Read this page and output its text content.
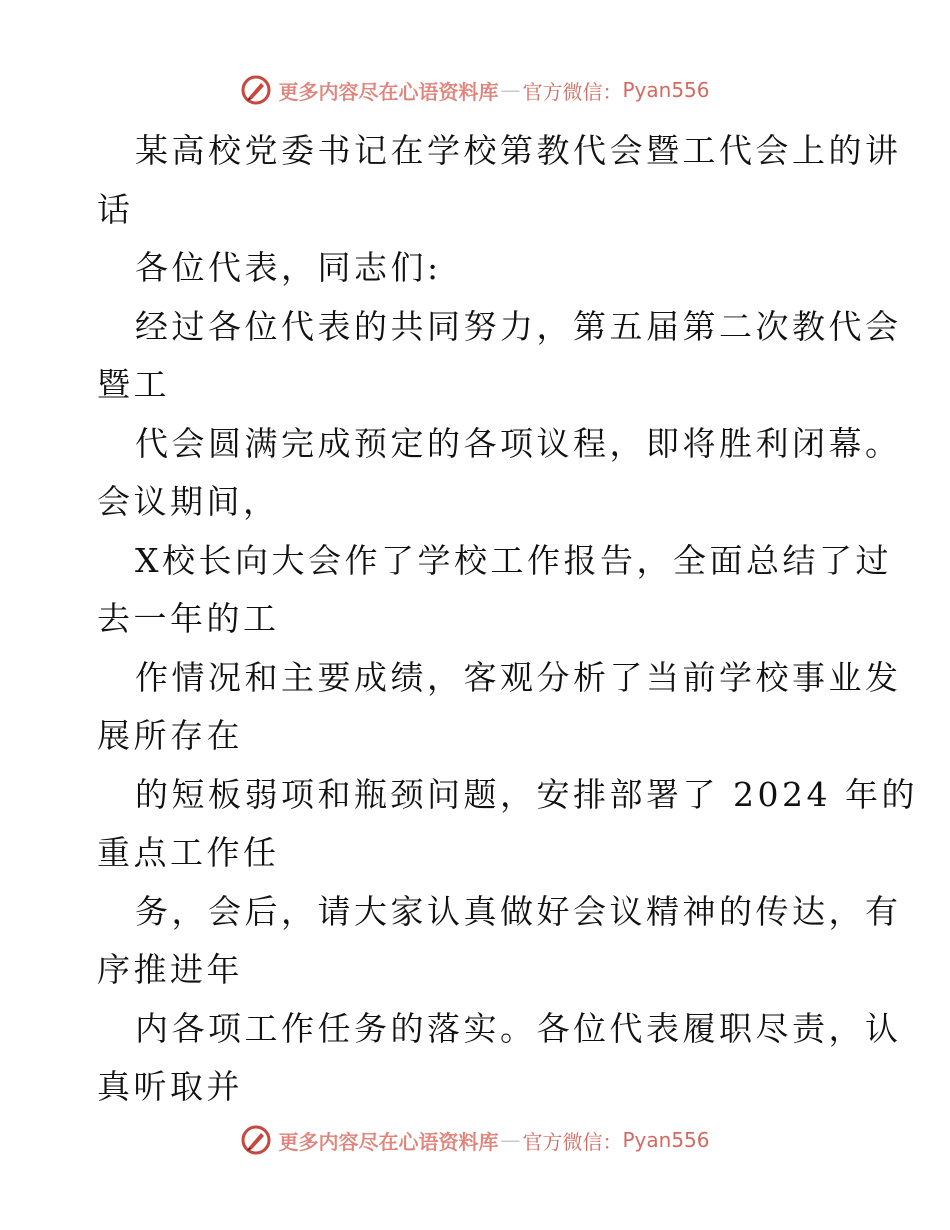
更多内容尽在心语资料库 — 官方微信： Pyan556
某高校党委书记在学校第教代会暨工代会上的讲
话
各位代表，同志们:
经过各位代表的共同努力，第五届第二次教代会
暨工
代会圆满完成预定的各项议程，即将胜利闭幕。
会议期间，
X校长向大会作了学校工作报告，全面总结了过
去一年的工
作情况和主要成绩，客观分析了当前学校事业发
展所存在
的短板弱项和瓶颈问题，安排部署了 2024 年的
重点工作任
务，会后，请大家认真做好会议精神的传达，有
序推进年
内各项工作任务的落实。各位代表履职尽责，认
真听取并
更多内容尽在心语资料库 — 官方微信： Pyan556
